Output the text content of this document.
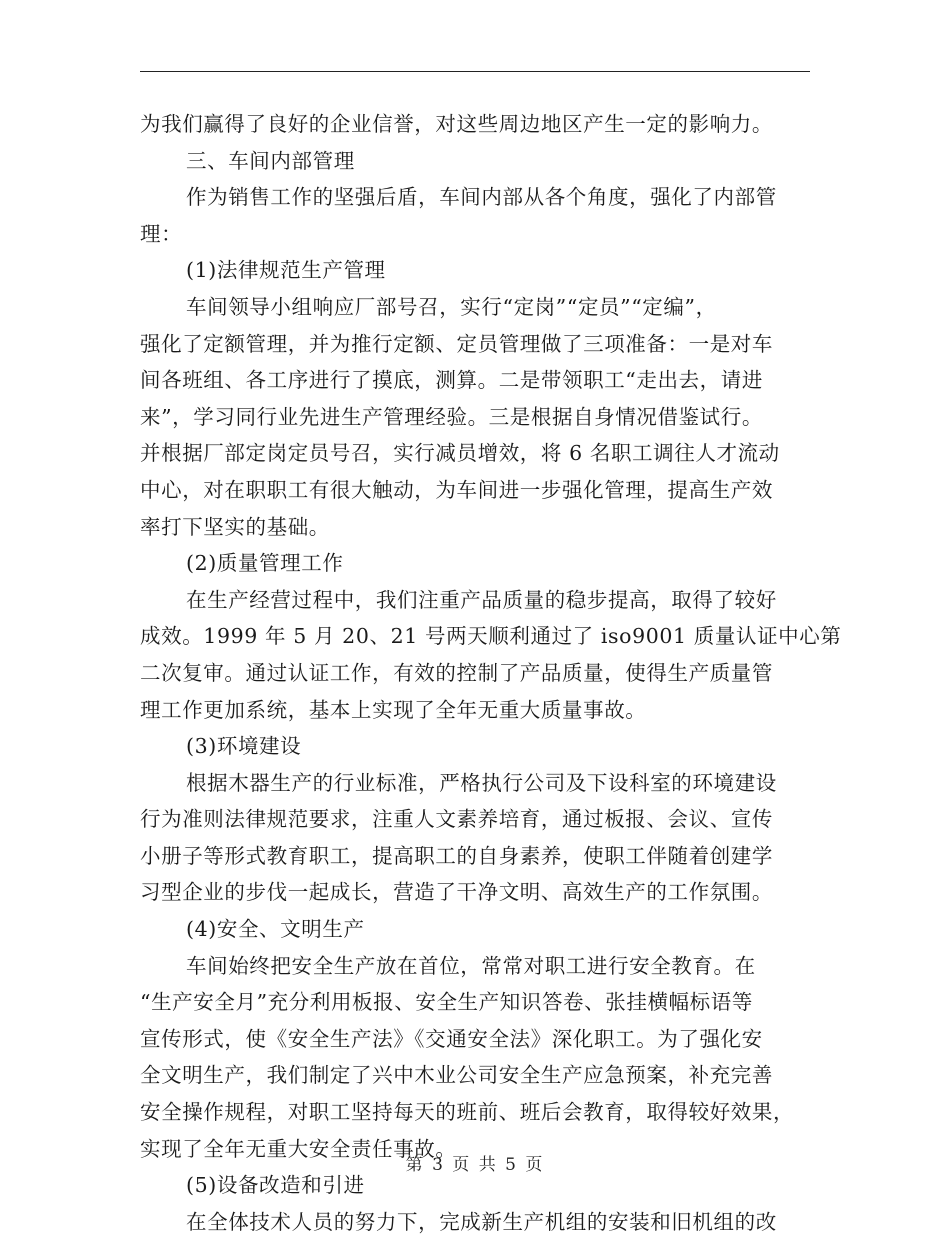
为我们赢得了良好的企业信誉，对这些周边地区产生一定的影响力。
三、车间内部管理
作为销售工作的坚强后盾，车间内部从各个角度，强化了内部管
理：
(1)法律规范生产管理
车间领导小组响应厂部号召，实行“定岗”“定员”“定编”，
强化了定额管理，并为推行定额、定员管理做了三项准备：一是对车
间各班组、各工序进行了摸底，测算。二是带领职工“走出去，请进
来”，学习同行业先进生产管理经验。三是根据自身情况借鉴试行。
并根据厂部定岗定员号召，实行减员增效，将 6 名职工调往人才流动
中心，对在职职工有很大触动，为车间进一步强化管理，提高生产效
率打下坚实的基础。
(2)质量管理工作
在生产经营过程中，我们注重产品质量的稳步提高，取得了较好
成效。1999 年 5 月 20、21 号两天顺利通过了 iso9001 质量认证中心第
二次复审。通过认证工作，有效的控制了产品质量，使得生产质量管
理工作更加系统，基本上实现了全年无重大质量事故。
(3)环境建设
根据木器生产的行业标准，严格执行公司及下设科室的环境建设
行为准则法律规范要求，注重人文素养培育，通过板报、会议、宣传
小册子等形式教育职工，提高职工的自身素养，使职工伴随着创建学
习型企业的步伐一起成长，营造了干净文明、高效生产的工作氛围。
(4)安全、文明生产
车间始终把安全生产放在首位，常常对职工进行安全教育。在
“生产安全月”充分利用板报、安全生产知识答卷、张挂横幅标语等
宣传形式，使《安全生产法》《交通安全法》深化职工。为了强化安
全文明生产，我们制定了兴中木业公司安全生产应急预案，补充完善
安全操作规程，对职工坚持每天的班前、班后会教育，取得较好效果，
实现了全年无重大安全责任事故。
(5)设备改造和引进
在全体技术人员的努力下，完成新生产机组的安装和旧机组的改
第 3 页 共 5 页
